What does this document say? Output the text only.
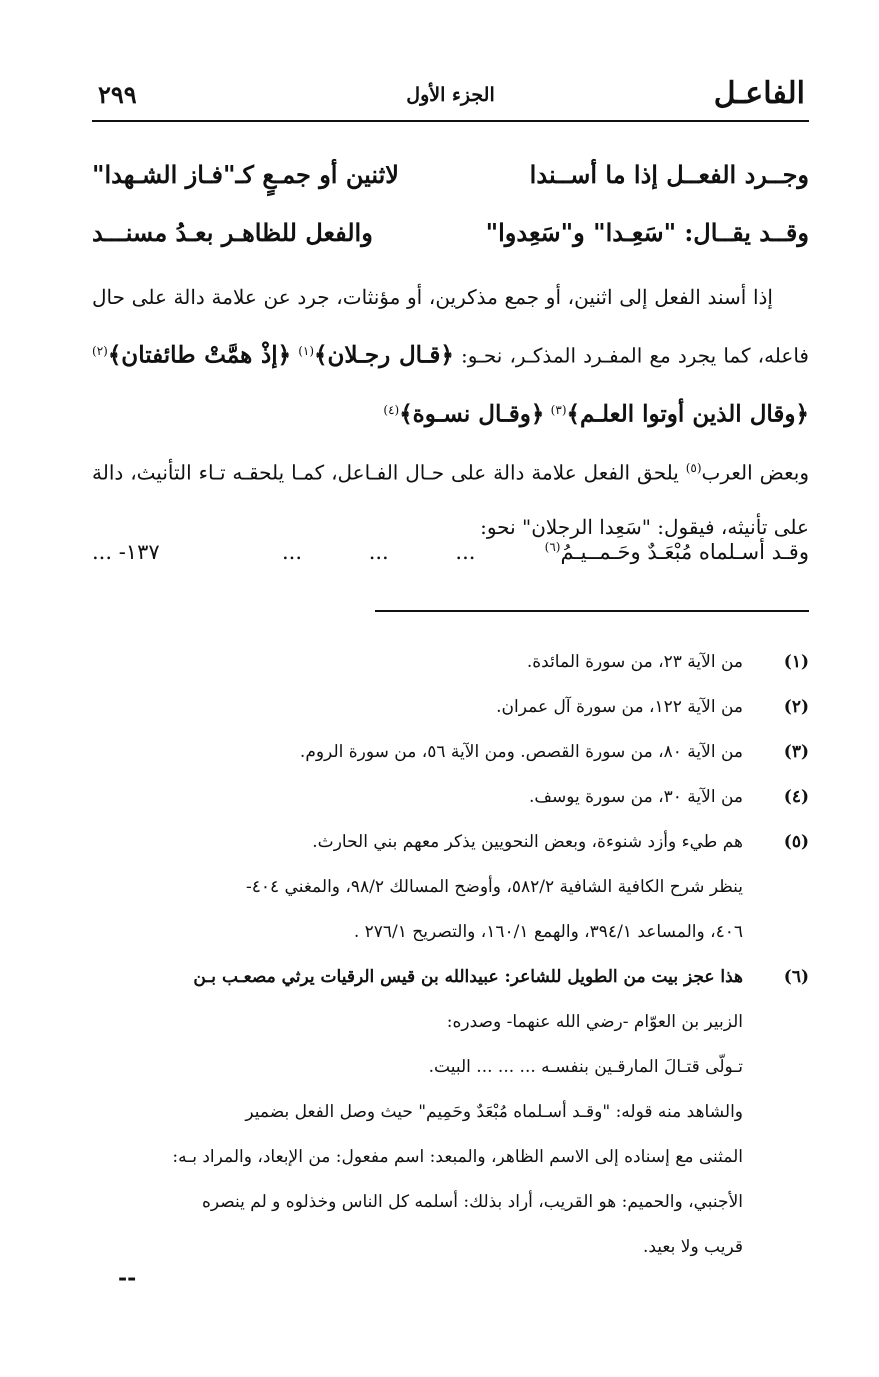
الفاعـل
الجزء الأول
٢٩٩
وجــرد الفعــل إذا ما أســندا
لاثنين أو جمـعٍ كـ"فـاز الشـهدا"
وقــد يقــال: "سَعِـدا" و"سَعِدوا"
والفعل للظاهـر بعـدُ مسنـــد

إذا أسند الفعل إلى اثنين، أو جمع مذكرين، أو مؤنثات، جرد عن علامة دالة على حال فاعله، كما يجرد مع المفـرد المذكـر، نحـو: ﴿قـال رجـلان﴾$^{(١)}$ ﴿إذْ همَّتْ طائفتان﴾$^{(٢)}$ ﴿وقال الذين أوتوا العلـم﴾$^{(٣)}$ ﴿وقـال نسـوة﴾$^{(٤)}$

وبعض العرب$^{(٥)}$ يلحق الفعل علامة دالة على حـال الفـاعل، كمـا يلحقـه تـاء التأنيث، دالة على تأنيثه، فيقول: "سَعِدا الرجلان" نحو:

وقـد أسـلماه مُبْعَـدٌ وحَـمــيـمُ$^{(٦)}$
... ... ...
١٣٧- ...
(١)
من الآية ٢٣، من سورة المائدة.
(٢)
من الآية ١٢٢، من سورة آل عمران.
(٣)
من الآية ٨٠، من سورة القصص. ومن الآية ٥٦، من سورة الروم.
(٤)
من الآية ٣٠، من سورة يوسف.
(٥)
هم طيء وأزد شنوءة، وبعض النحويين يذكر معهم بني الحارث.
ينظر شرح الكافية الشافية ٥٨٢/٢، وأوضح المسالك ٩٨/٢، والمغني ٤٠٤-
٤٠٦، والمساعد ٣٩٤/١، والهمع ١٦٠/١، والتصريح ٢٧٦/١ .
(٦)
هذا عجز بيت من الطويل للشاعر: عبيدالله بن قيس الرقيات يرثي مصعـب بـن
الزبير بن العوّام -رضي الله عنهما- وصدره:
تـولّى قتـالَ المارقـين بنفسـه ... ... ... البيت.
والشاهد منه قوله: "وقـد أسـلماه مُبْعَدٌ وحَمِيم" حيث وصل الفعل بضمير
المثنى مع إسناده إلى الاسم الظاهر، والمبعد: اسم مفعول: من الإبعاد، والمراد بـه:
الأجنبي، والحميم: هو القريب، أراد بذلك: أسلمه كل الناس وخذلوه و لم ينصره
قريب ولا بعيد.
--
